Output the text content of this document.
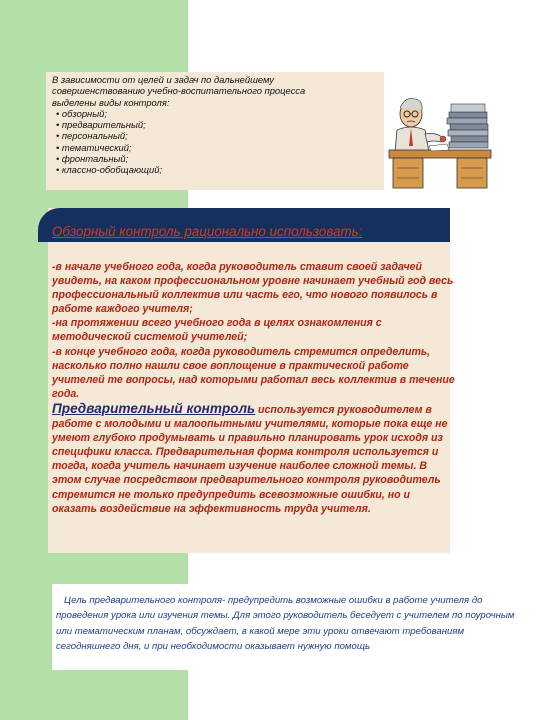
В зависимости от целей и задач по дальнейшему совершенствованию учебно-воспитательного процесса выделены виды контроля:
• обзорный;
• предварительный;
• персональный;
• тематический;
• фронтальный;
• классно-обобщающий;
Обзорный контроль рационально использовать:

-в начале учебного года, когда руководитель ставит своей задачей увидеть, на каком профессиональном уровне начинает учебный год весь профессиональный коллектив или часть его, что нового появилось в работе каждого учителя;

-на протяжении всего учебного года в целях ознакомления с методической системой учителей;

-в конце учебного года, когда руководитель стремится определить, насколько полно нашли свое воплощение в практической работе учителей те вопросы, над которыми работал весь коллектив в течение года.

Предварительный контроль используется руководителем в работе с молодыми и малоопытными учителями, которые пока еще не умеют глубоко продумывать и правильно планировать урок исходя из специфики класса. Предварительная форма контроля используется и тогда, когда учитель начинает изучение наиболее сложной темы. В этом случае посредством предварительного контроля руководитель стремится не только предупредить всевозможные ошибки, но и оказать воздействие на эффективность труда учителя.

Цель предварительного контроля- предупредить возможные ошибки в работе учителя до проведения урока или изучения темы. Для этого руководитель беседует с учителем по поурочным или тематическим планам, обсуждает, в какой мере эти уроки отвечают требованиям сегодняшнего дня, и при необходимости оказывает нужную помощь
